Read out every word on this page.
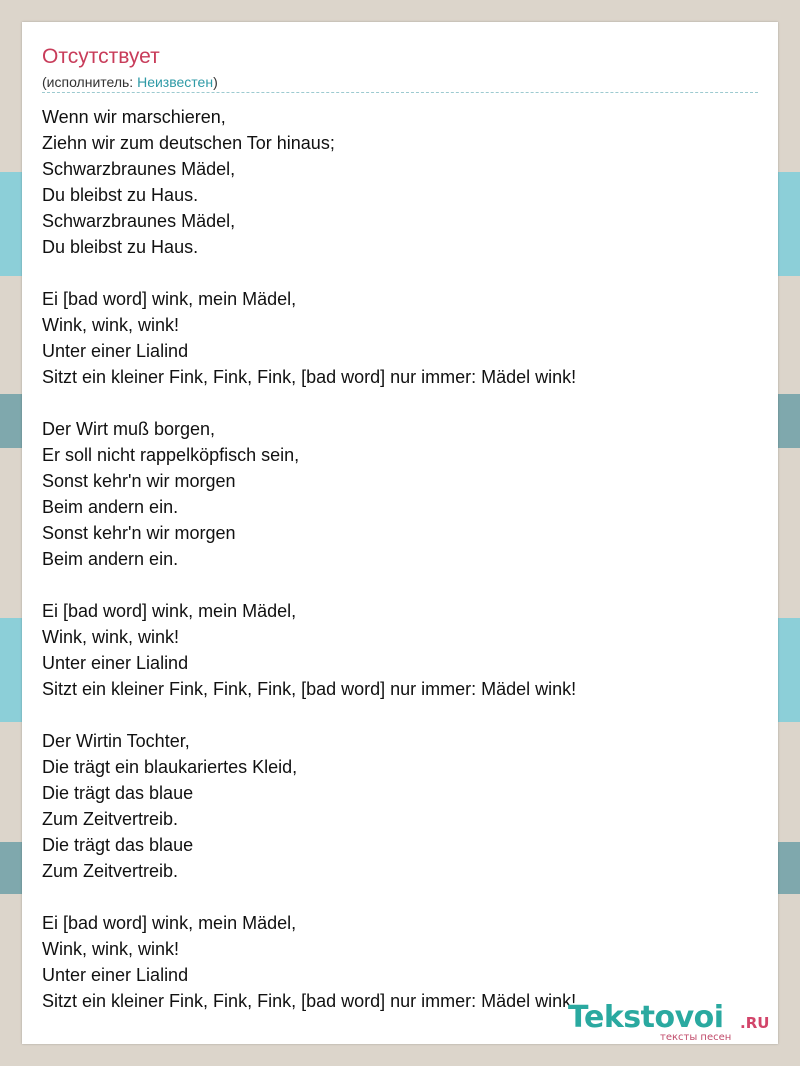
Отсутствует
(исполнитель: Неизвестен)
Wenn wir marschieren,
Ziehn wir zum deutschen Tor hinaus;
Schwarzbraunes Mädel,
Du bleibst zu Haus.
Schwarzbraunes Mädel,
Du bleibst zu Haus.
Ei [bad word] wink, mein Mädel,
Wink, wink, wink!
Unter einer Lialind
Sitzt ein kleiner Fink, Fink, Fink, [bad word] nur immer: Mädel wink!
Der Wirt muß borgen,
Er soll nicht rappelköpfisch sein,
Sonst kehr'n wir morgen
Beim andern ein.
Sonst kehr'n wir morgen
Beim andern ein.
Ei [bad word] wink, mein Mädel,
Wink, wink, wink!
Unter einer Lialind
Sitzt ein kleiner Fink, Fink, Fink, [bad word] nur immer: Mädel wink!
Der Wirtin Tochter,
Die trägt ein blaukariertes Kleid,
Die trägt das blaue
Zum Zeitvertreib.
Die trägt das blaue
Zum Zeitvertreib.
Ei [bad word] wink, mein Mädel,
Wink, wink, wink!
Unter einer Lialind
Sitzt ein kleiner Fink, Fink, Fink, [bad word] nur immer: Mädel wink!
Tekstovoi .RU
тексты песен
